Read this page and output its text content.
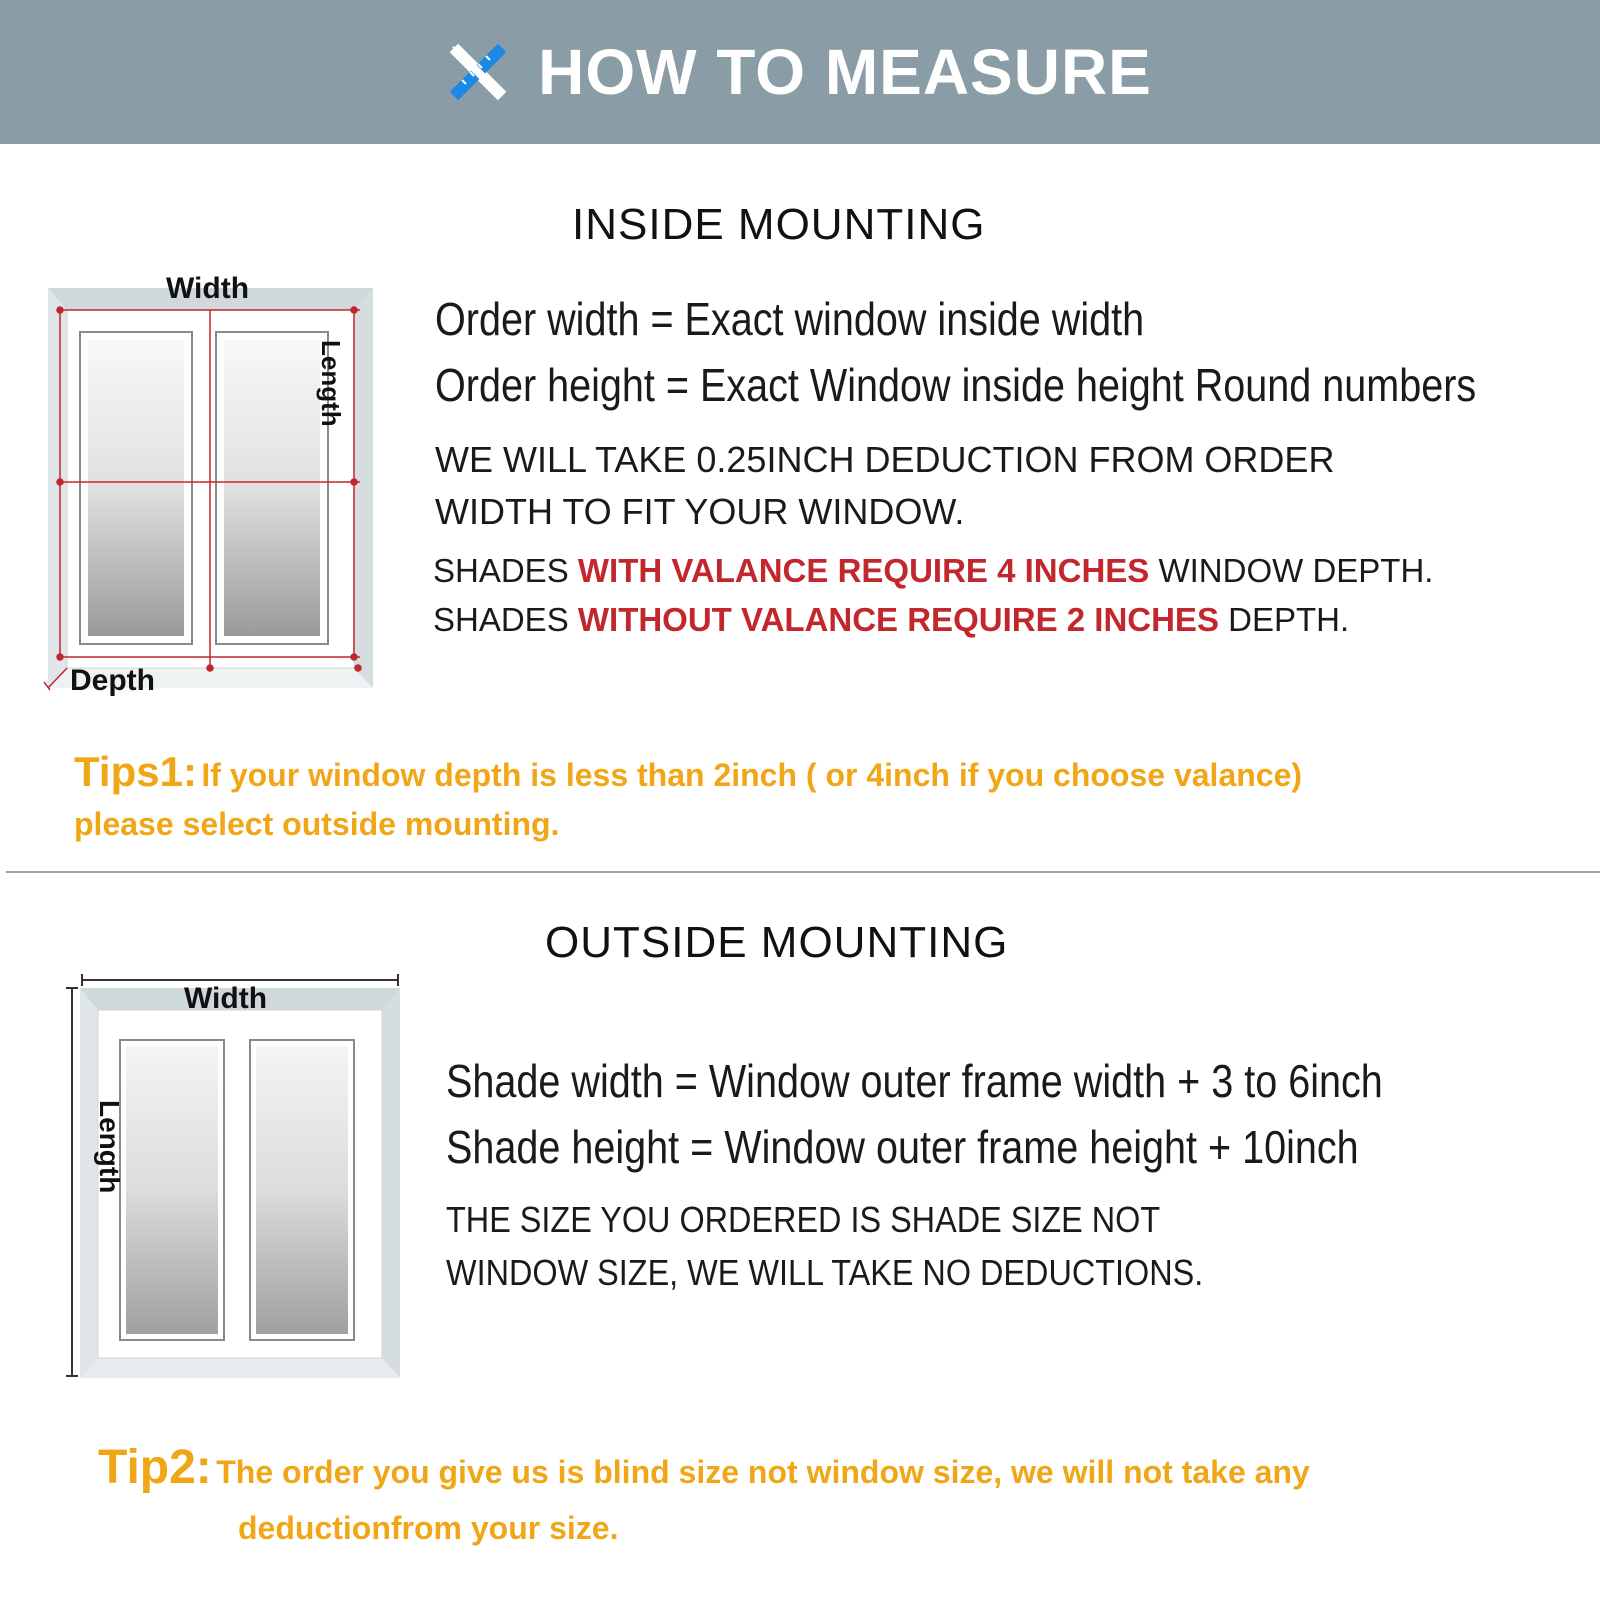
HOW TO MEASURE
INSIDE MOUNTING
Width
Length
Depth
Order width = Exact window inside width
Order height = Exact Window inside height Round numbers
WE WILL TAKE 0.25INCH DEDUCTION FROM ORDER
WIDTH TO FIT YOUR WINDOW.
SHADES WITH VALANCE REQUIRE 4 INCHES WINDOW DEPTH.
SHADES WITHOUT VALANCE REQUIRE 2 INCHES DEPTH.
Tips1: If your window depth is less than 2inch ( or 4inch if you choose valance)
please select outside mounting.
OUTSIDE MOUNTING
Width
Length
Shade width = Window outer frame width + 3 to 6inch
Shade height = Window outer frame height + 10inch
THE SIZE YOU ORDERED IS SHADE SIZE NOT
WINDOW SIZE, WE WILL TAKE NO DEDUCTIONS.
Tip2: The order you give us is blind size not window size, we will not take any
deductionfrom your size.
